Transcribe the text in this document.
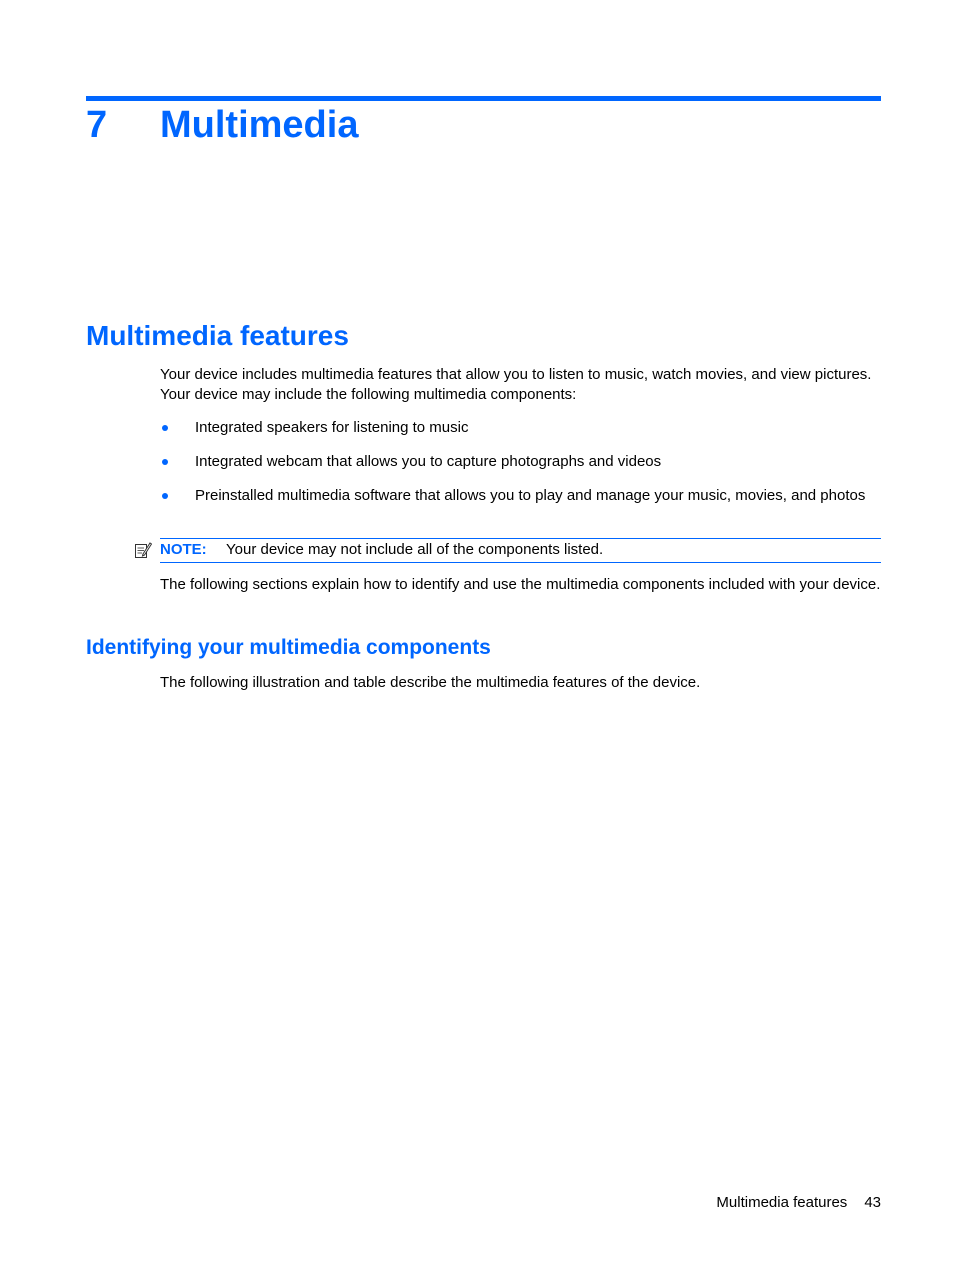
7 Multimedia
Multimedia features

Your device includes multimedia features that allow you to listen to music, watch movies, and view pictures. Your device may include the following multimedia components:

Integrated speakers for listening to music
Integrated webcam that allows you to capture photographs and videos
Preinstalled multimedia software that allows you to play and manage your music, movies, and photos
NOTE: Your device may not include all of the components listed.

The following sections explain how to identify and use the multimedia components included with your device.

Identifying your multimedia components

The following illustration and table describe the multimedia features of the device.

Multimedia features 43
